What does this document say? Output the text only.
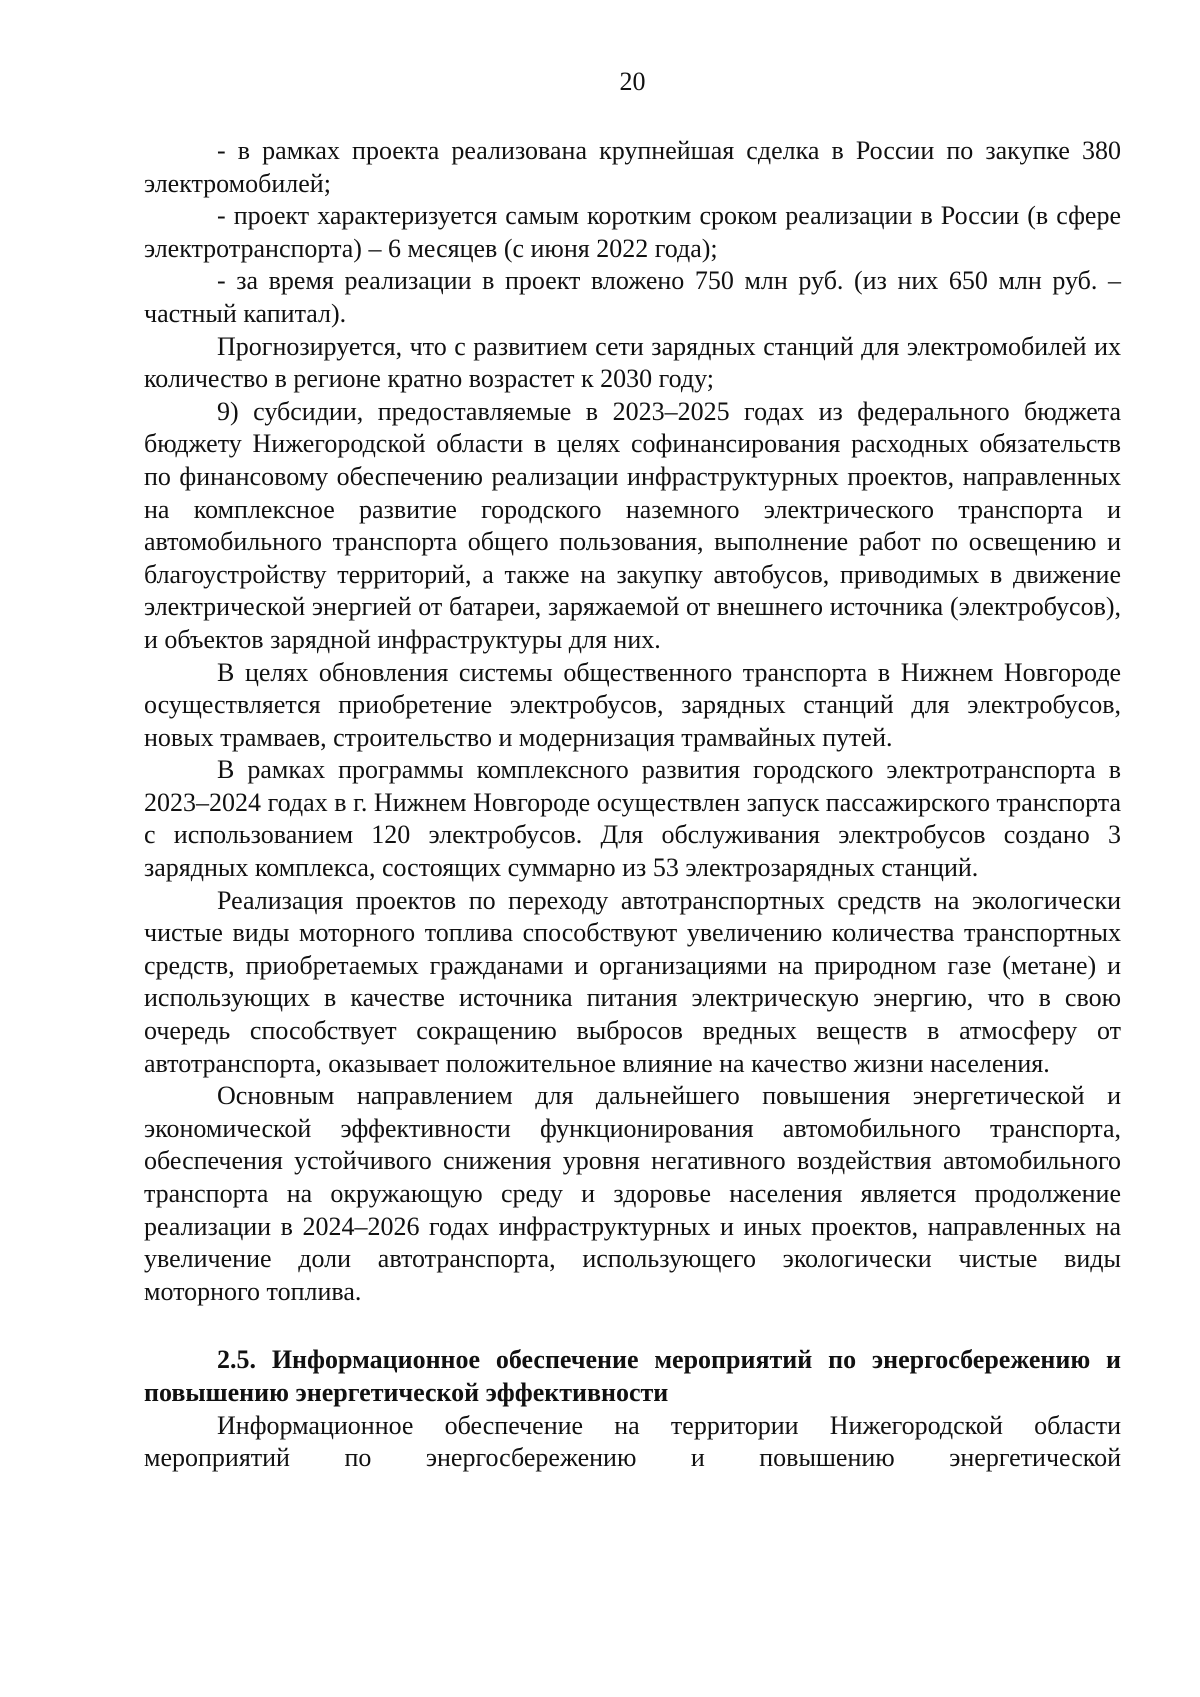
20

- в рамках проекта реализована крупнейшая сделка в России по закупке 380 электромобилей;

- проект характеризуется самым коротким сроком реализации в России (в сфере электротранспорта) – 6 месяцев (с июня 2022 года);

- за время реализации в проект вложено 750 млн руб. (из них 650 млн руб. – частный капитал).

Прогнозируется, что с развитием сети зарядных станций для электромобилей их количество в регионе кратно возрастет к 2030 году;

9) субсидии, предоставляемые в 2023–2025 годах из федерального бюджета бюджету Нижегородской области в целях софинансирования расходных обязательств по финансовому обеспечению реализации инфраструктурных проектов, направленных на комплексное развитие городского наземного электрического транспорта и автомобильного транспорта общего пользования, выполнение работ по освещению и благоустройству территорий, а также на закупку автобусов, приводимых в движение электрической энергией от батареи, заряжаемой от внешнего источника (электробусов), и объектов зарядной инфраструктуры для них.

В целях обновления системы общественного транспорта в Нижнем Новгороде осуществляется приобретение электробусов, зарядных станций для электробусов, новых трамваев, строительство и модернизация трамвайных путей.

В рамках программы комплексного развития городского электротранспорта в 2023–2024 годах в г. Нижнем Новгороде осуществлен запуск пассажирского транспорта с использованием 120 электробусов. Для обслуживания электробусов создано 3 зарядных комплекса, состоящих суммарно из 53 электрозарядных станций.

Реализация проектов по переходу автотранспортных средств на экологически чистые виды моторного топлива способствуют увеличению количества транспортных средств, приобретаемых гражданами и организациями на природном газе (метане) и использующих в качестве источника питания электрическую энергию, что в свою очередь способствует сокращению выбросов вредных веществ в атмосферу от автотранспорта, оказывает положительное влияние на качество жизни населения.

Основным направлением для дальнейшего повышения энергетической и экономической эффективности функционирования автомобильного транспорта, обеспечения устойчивого снижения уровня негативного воздействия автомобильного транспорта на окружающую среду и здоровье населения является продолжение реализации в 2024–2026 годах инфраструктурных и иных проектов, направленных на увеличение доли автотранспорта, использующего экологически чистые виды моторного топлива.

2.5. Информационное обеспечение мероприятий по энергосбережению и повышению энергетической эффективности

Информационное обеспечение на территории Нижегородской области мероприятий по энергосбережению и повышению энергетической
